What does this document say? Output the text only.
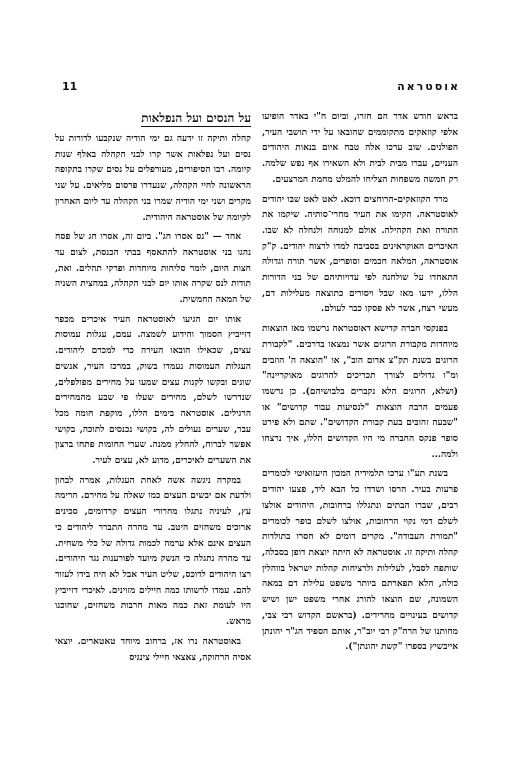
אוסטראה
11

בראש חודש אדר הם חזרו, וביום ח"י באדר הופיעו אלפי קוזאקים מתקוממים שהובאו על ידי תושבי העיר, הפולנים. שוב ערכו אלה טבח איום בנאות היהודים העניים, עברו מבית לבית ולא השאירו אף נפש שלמה. רק חמשה משפחות הצליחו להמלט מחמת המרצעים.

מרד הקוזאקים-הרוחצים דוכא. לאט לאט שבו יהודים לאוסטראה. הקימו את העיר מחרי־סותיה. שיקמו את התורה ואת הקהילה. אולם למנוחה ולנחלה לא שבו. האיכרים האוקראינים בסביבה למדו לרצוח יהודים. ק"ק אוסטראה, המלאה חכמים וסופרים, אשר תורה וגדולה התאחדו על שולחנה לפי עדויותיהם של בני הדורות הללו, ידעו מאז שבל ויסורים כתוצאה מעלילות דם, מעשי רצח, אשר לא פסקו כבר לעולם.

בפנקסי חברה קדישא דאוסטראה נרשמו מאז הוצאות מיוחדות מקבורת הרוגים אשר נמצאו בדרכים. "לקבורת הרוגים בשנת תק"צ אדום הוב", או "הוצאה ה' הוזבים ומ"ו גדולים לצורך תכריכים להרוגים מאוקריינה" (ושלא, הרוגים הלא נקברים בלבושיהם). כן נרשמו פעמים הרבה הוצאות "לנסיעות עבור קדושים" או "שבעה זהובים בעת קבורת הקדושים". שתם ולא פירט סופר פנקס החברה מי היו הקדושים הללו, איך נרצחו ולמה...

בשנת תע"ו ערכו תלמידיה המכון היעזואיטי לכומרים פרעות בעיר. הרסו ושדדו כל הבא ליד, פצעו יהודים רבים, שברו הבתים ונתגללו ברחובות, היהודים אולצו לשלם דמי נקוי הרחובות, אולצו לשלם כופר לכומרים "תמורת העבודה". מקרים דומים לא חסרו בתולדות קהלה ותיקה זו. אוסטראה לא היתה יוצאת דופן בסבלה, שותפה לסבל, לעלילות ולרציחות קהלות ישראל בווהלין כולה, הלא תפארתם ביותר משפט עלילת דם במאה השמונה, שם הוצאו להורג אחרי משפט ישן ושיש קדושים בעינויים מחרידים. (בראשם הקדוש רבי צבי, מחותנו של הרה"ק רבי יוב"ר, אותם הספיד הג"ר יהונתן אייבשיץ בספרו "קשת יהונתן").

על הנסים ועל הנפלאות

קהלה ותיקה זו ידעה גם ימי הודיה שנקבעו לדורות על נסים ועל נפלאות אשר קרו לבני הקהלה באלף שנות קיומה. רבו הסיפורים, מעורפלים על נסים שקרו בתקופה הראשונה לחיי הקהלה, שנעדרו פרסום מליאים. על שני מקרים ושני ימי הודיה שמרו בני הקהלה עד ליום האחרון לקיומה של אוסטראה היהודית.

אחד — "נס אסרו חג". ביום זה, אסרו חג של פסח נהגו בני אוסטראה להתאסף בבתי הכנסת, לצום עד חצות היום, לומר סליחות מיוחדות ופרקי תהלים. ואת, תודות לנס שקרה אותו יום לבני הקהלה, במחצית השניה של המאה החמשית.

אותו יום הגיעו לאוסטראה העיר איכרים מכפר דזייביץ הסמוך והידוע לשמצה. עמם, עגלות עמוסות עצים, שכאילו הובאו העירה כדי למכרם ליהודים. העגלות העמוסות נעמדו בשוק, במרכז העיר, אנשים שונים ובקשו לקנות עצים שמעו על מחירים מפולפלים, שנדרשו לשלם, מחירים שעלו פי שבע מהמחירים הרגילים. אוסטראה בימים הללו, מוקפת חומה מכל עבר, שערים נעולים לה, בקושי נכנסים לתוכה, בקושי אפשר לברוח, להחלץ ממנה. שערי החומות פתחו ברצון את השערים לאיכרים, מדוע לא, עצים לעיר.

במקרה ניגשה אשה לאחת העגלות, אמרה לבחון ולדעת אם יבשים העצים כמו שאלה על מחירם. הרימה עץ, לעיניה נתגלו מחרורי העצים קרדומים, סכינים ארוכים משחזים היטב. עד מהרה התברר ליהודים כי העצים אינם אלא ערמה לכמות גדולה של כלי משחית. עד מהרה נתגלה כי הנשק מיועד לפורענות נגד היהודים. רצו היהודים לדוכס, שליט העיר אבל לא היה בידו לעזור להם. עמדו לרשותו כמה חיילים מזוינים. לאיכרי דזייביץ היו לעומת זאת כמה מאות חרבות משחזים, שחוכנו מראש.

באוסטראה נרו אז, ברחוב מיוחד טאטארים. יוצאי אסיה הרחוקה, צאצאי חיילי צינגיס
